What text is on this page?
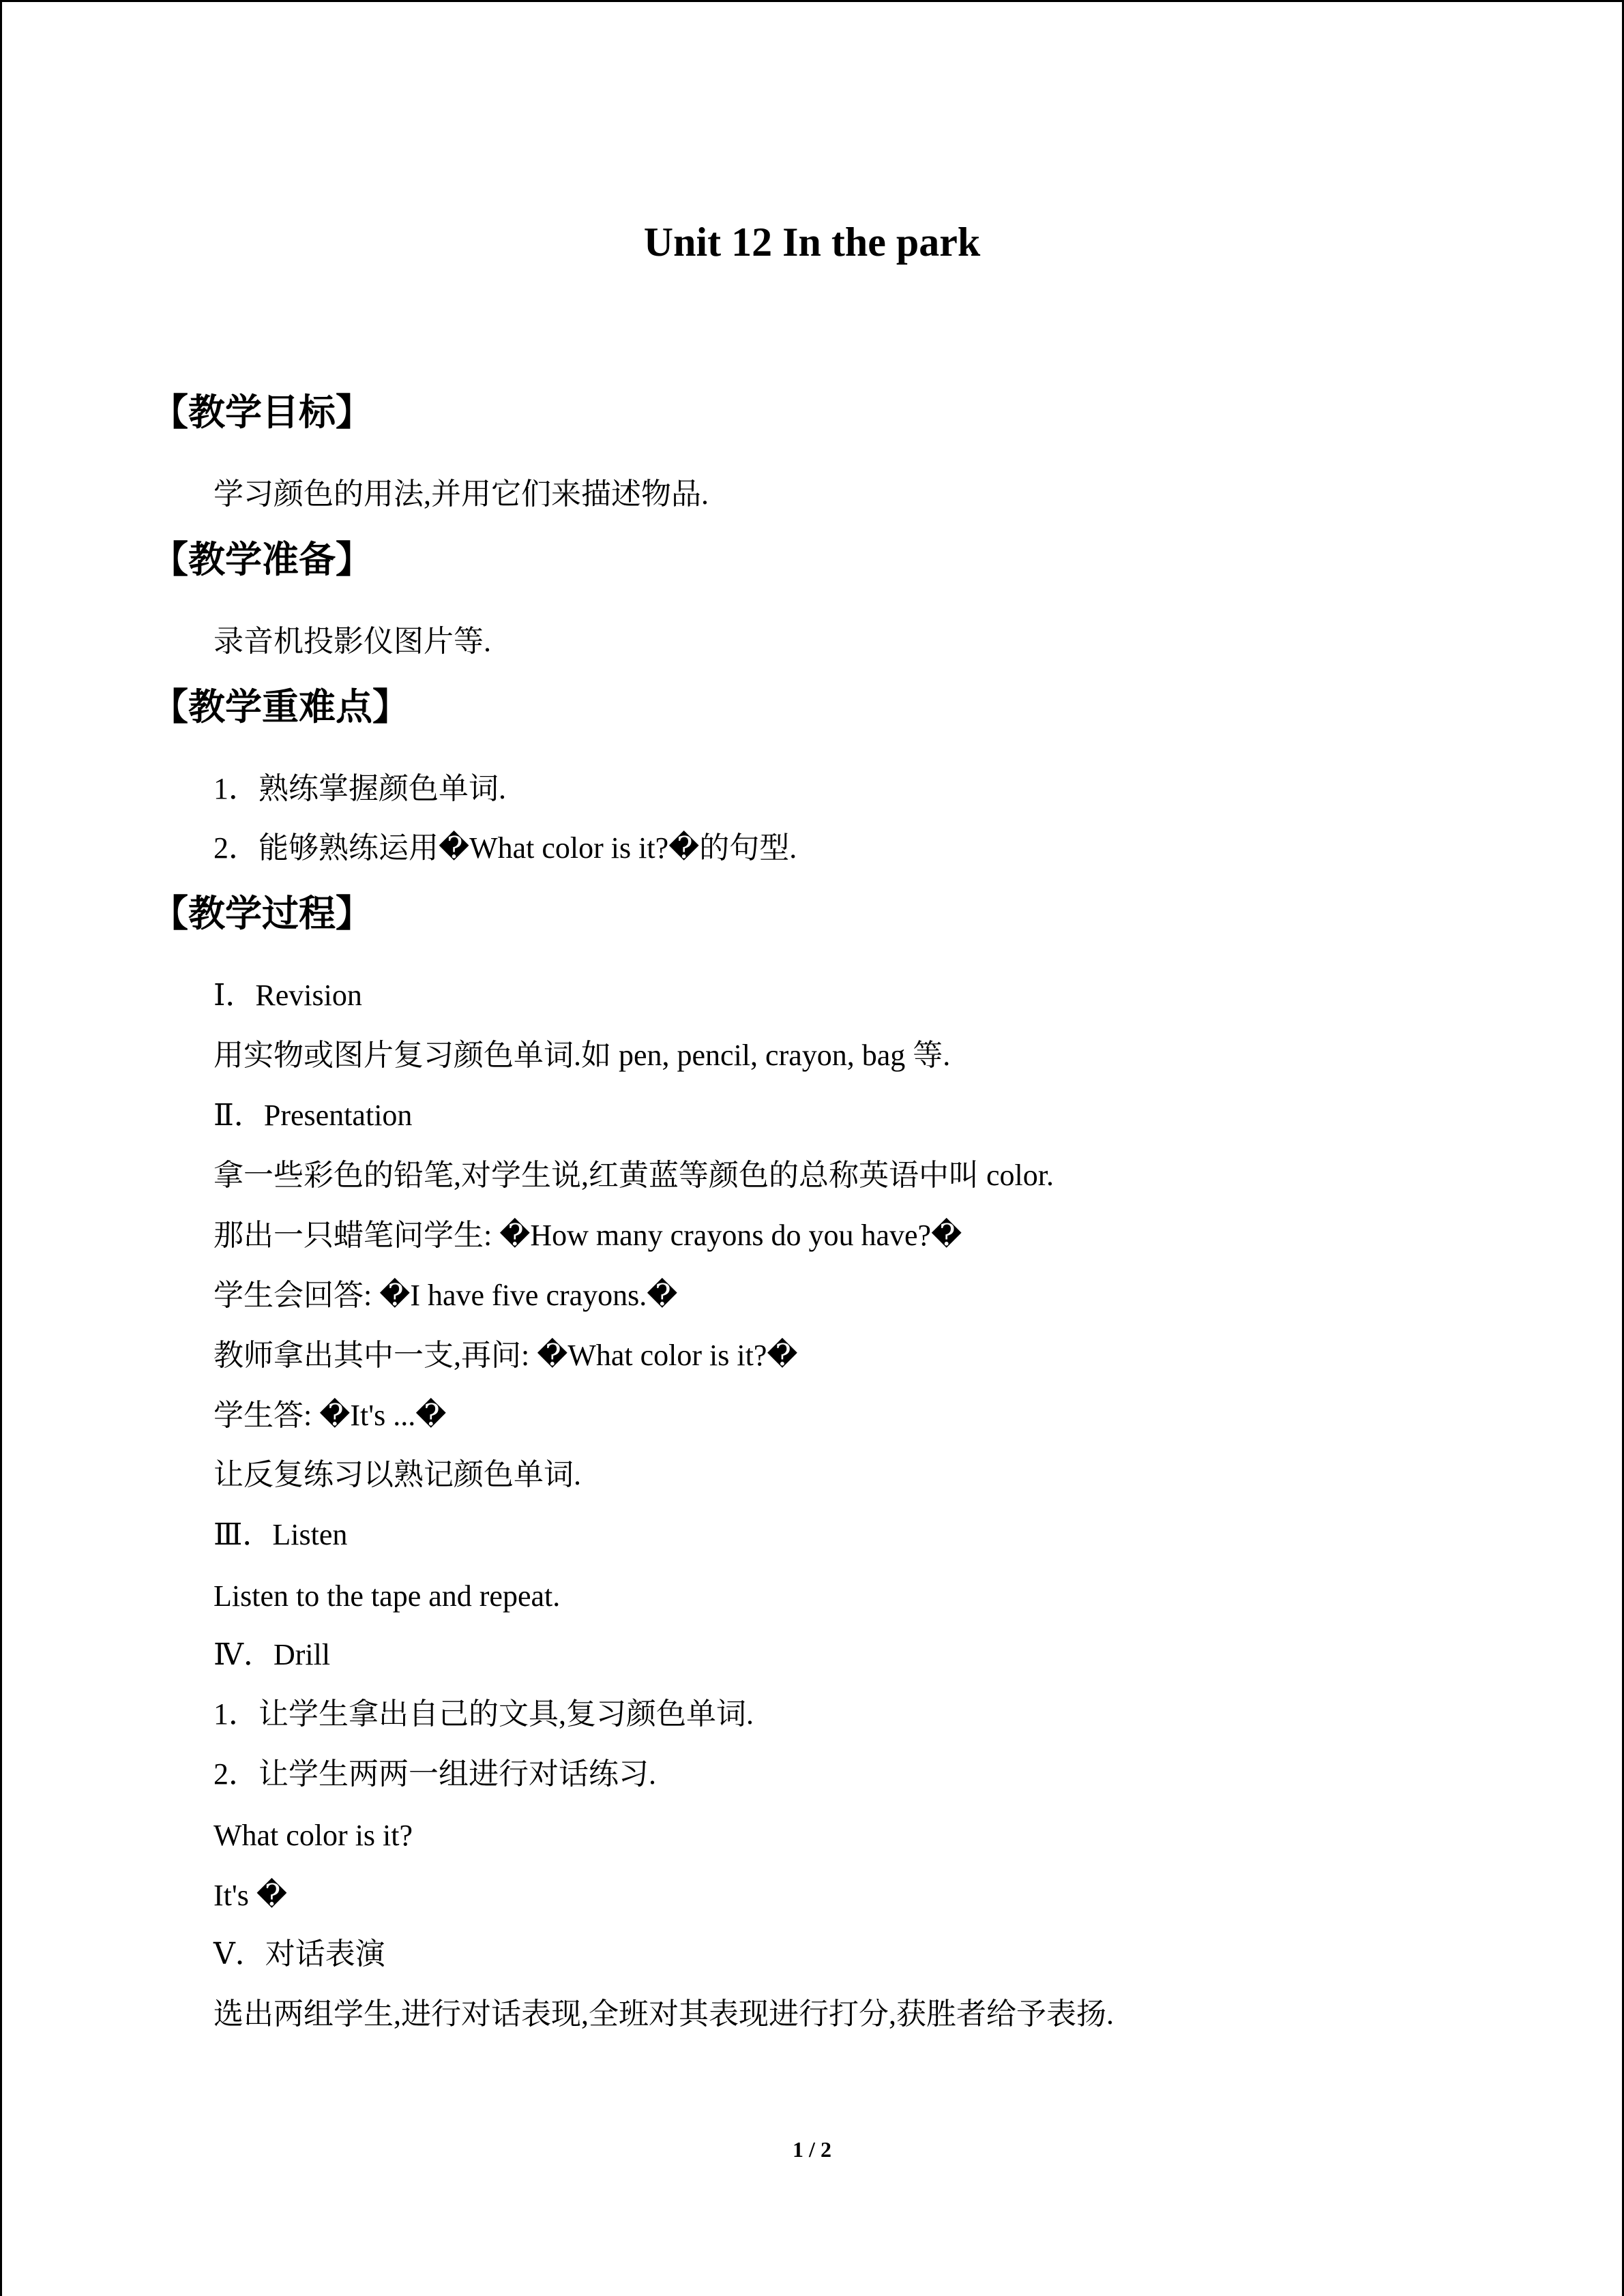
Unit 12 In the park
【教学目标】
学习颜色的用法,并用它们来描述物品.
【教学准备】
录音机投影仪图片等.
【教学重难点】
1．熟练掌握颜色单词.
2．能够熟练运用�What color is it?�的句型.
【教学过程】
Ⅰ．Revision
用实物或图片复习颜色单词.如 pen, pencil, crayon, bag 等.
Ⅱ．Presentation
拿一些彩色的铅笔,对学生说,红黄蓝等颜色的总称英语中叫 color.
那出一只蜡笔问学生: �How many crayons do you have?�
学生会回答: �I have five crayons.�
教师拿出其中一支,再问: �What color is it?�
学生答: �It's ...�
让反复练习以熟记颜色单词.
Ⅲ．Listen
Listen to the tape and repeat.
Ⅳ．Drill
1．让学生拿出自己的文具,复习颜色单词.
2．让学生两两一组进行对话练习.
What color is it?
It's �
Ⅴ．对话表演
选出两组学生,进行对话表现,全班对其表现进行打分,获胜者给予表扬.
1 / 2
